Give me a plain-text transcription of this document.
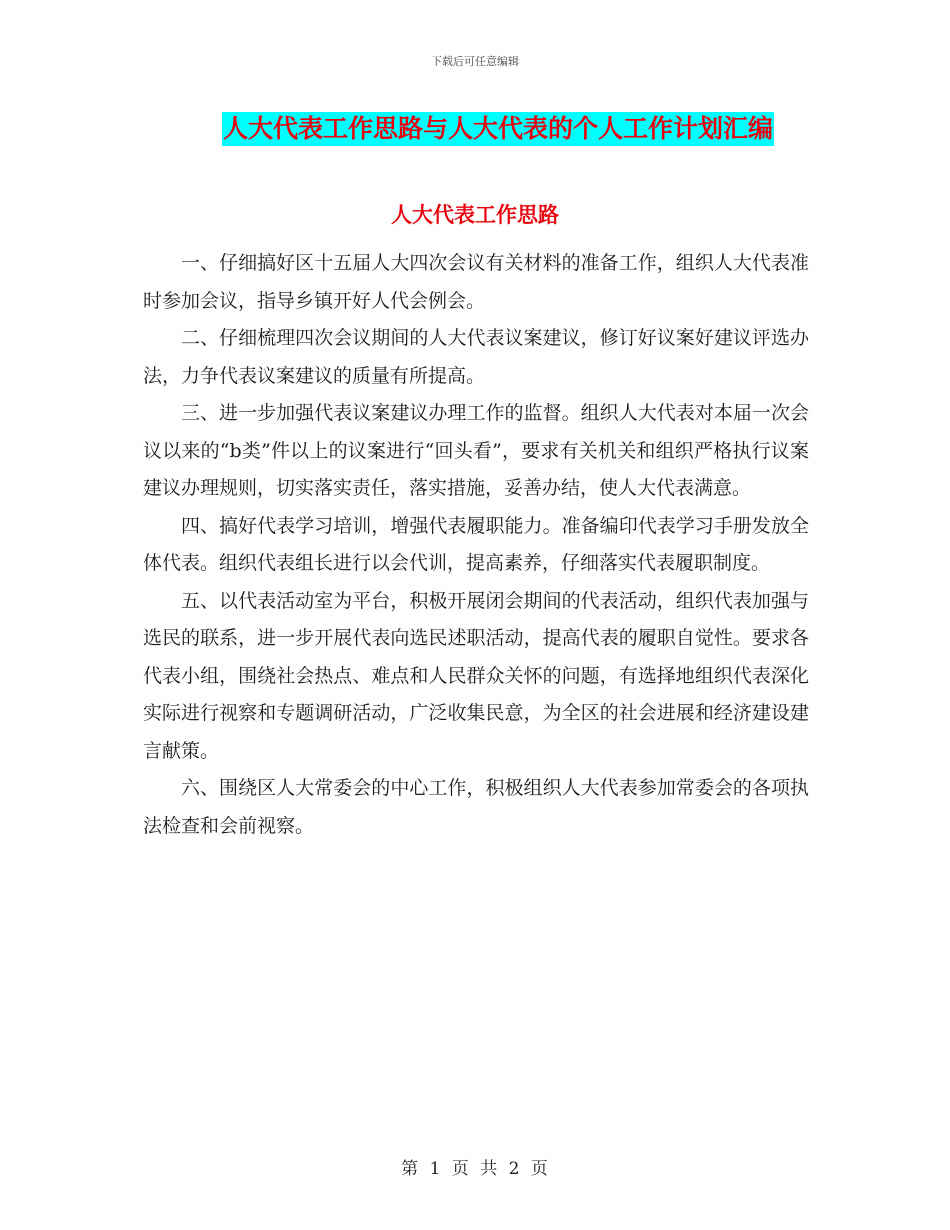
下载后可任意编辑
人大代表工作思路与人大代表的个人工作计划汇编
人大代表工作思路

一、仔细搞好区十五届人大四次会议有关材料的准备工作，组织人大代表准时参加会议，指导乡镇开好人代会例会。

二、仔细梳理四次会议期间的人大代表议案建议，修订好议案好建议评选办法，力争代表议案建议的质量有所提高。

三、进一步加强代表议案建议办理工作的监督。组织人大代表对本届一次会议以来的“b类”件以上的议案进行“回头看”，要求有关机关和组织严格执行议案建议办理规则，切实落实责任，落实措施，妥善办结，使人大代表满意。

四、搞好代表学习培训，增强代表履职能力。准备编印代表学习手册发放全体代表。组织代表组长进行以会代训，提高素养，仔细落实代表履职制度。

五、以代表活动室为平台，积极开展闭会期间的代表活动，组织代表加强与选民的联系，进一步开展代表向选民述职活动，提高代表的履职自觉性。要求各代表小组，围绕社会热点、难点和人民群众关怀的问题，有选择地组织代表深化实际进行视察和专题调研活动，广泛收集民意，为全区的社会进展和经济建设建言献策。

六、围绕区人大常委会的中心工作，积极组织人大代表参加常委会的各项执法检查和会前视察。

第 1 页 共 2 页
